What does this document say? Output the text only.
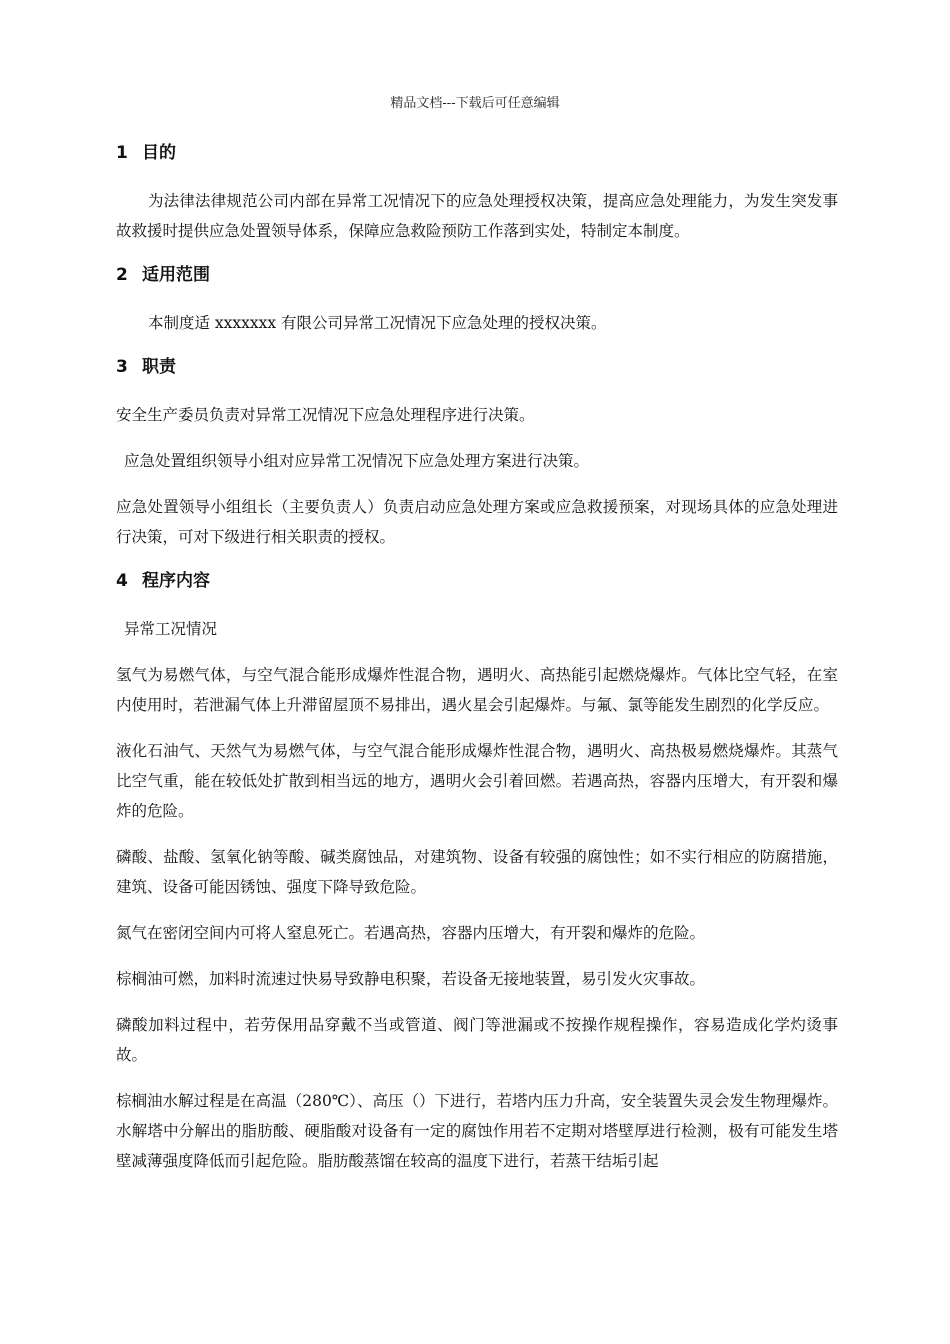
精品文档---下载后可任意编辑
1 目的

为法律法律规范公司内部在异常工况情况下的应急处理授权决策，提高应急处理能力，为发生突发事故救援时提供应急处置领导体系，保障应急救险预防工作落到实处，特制定本制度。

2 适用范围

本制度适 xxxxxxx 有限公司异常工况情况下应急处理的授权决策。

3 职责

安全生产委员负责对异常工况情况下应急处理程序进行决策。

应急处置组织领导小组对应异常工况情况下应急处理方案进行决策。

应急处置领导小组组长（主要负责人）负责启动应急处理方案或应急救援预案，对现场具体的应急处理进行决策，可对下级进行相关职责的授权。

4 程序内容

异常工况情况

氢气为易燃气体，与空气混合能形成爆炸性混合物，遇明火、高热能引起燃烧爆炸。气体比空气轻，在室内使用时，若泄漏气体上升滞留屋顶不易排出，遇火星会引起爆炸。与氟、氯等能发生剧烈的化学反应。

液化石油气、天然气为易燃气体，与空气混合能形成爆炸性混合物，遇明火、高热极易燃烧爆炸。其蒸气比空气重，能在较低处扩散到相当远的地方，遇明火会引着回燃。若遇高热，容器内压增大，有开裂和爆炸的危险。

磷酸、盐酸、氢氧化钠等酸、碱类腐蚀品，对建筑物、设备有较强的腐蚀性；如不实行相应的防腐措施，建筑、设备可能因锈蚀、强度下降导致危险。

氮气在密闭空间内可将人窒息死亡。若遇高热，容器内压增大，有开裂和爆炸的危险。

棕榈油可燃，加料时流速过快易导致静电积聚，若设备无接地装置，易引发火灾事故。

磷酸加料过程中，若劳保用品穿戴不当或管道、阀门等泄漏或不按操作规程操作，容易造成化学灼烫事故。

棕榈油水解过程是在高温（280℃）、高压（）下进行，若塔内压力升高，安全装置失灵会发生物理爆炸。水解塔中分解出的脂肪酸、硬脂酸对设备有一定的腐蚀作用若不定期对塔壁厚进行检测，极有可能发生塔壁减薄强度降低而引起危险。脂肪酸蒸馏在较高的温度下进行，若蒸干结垢引起
